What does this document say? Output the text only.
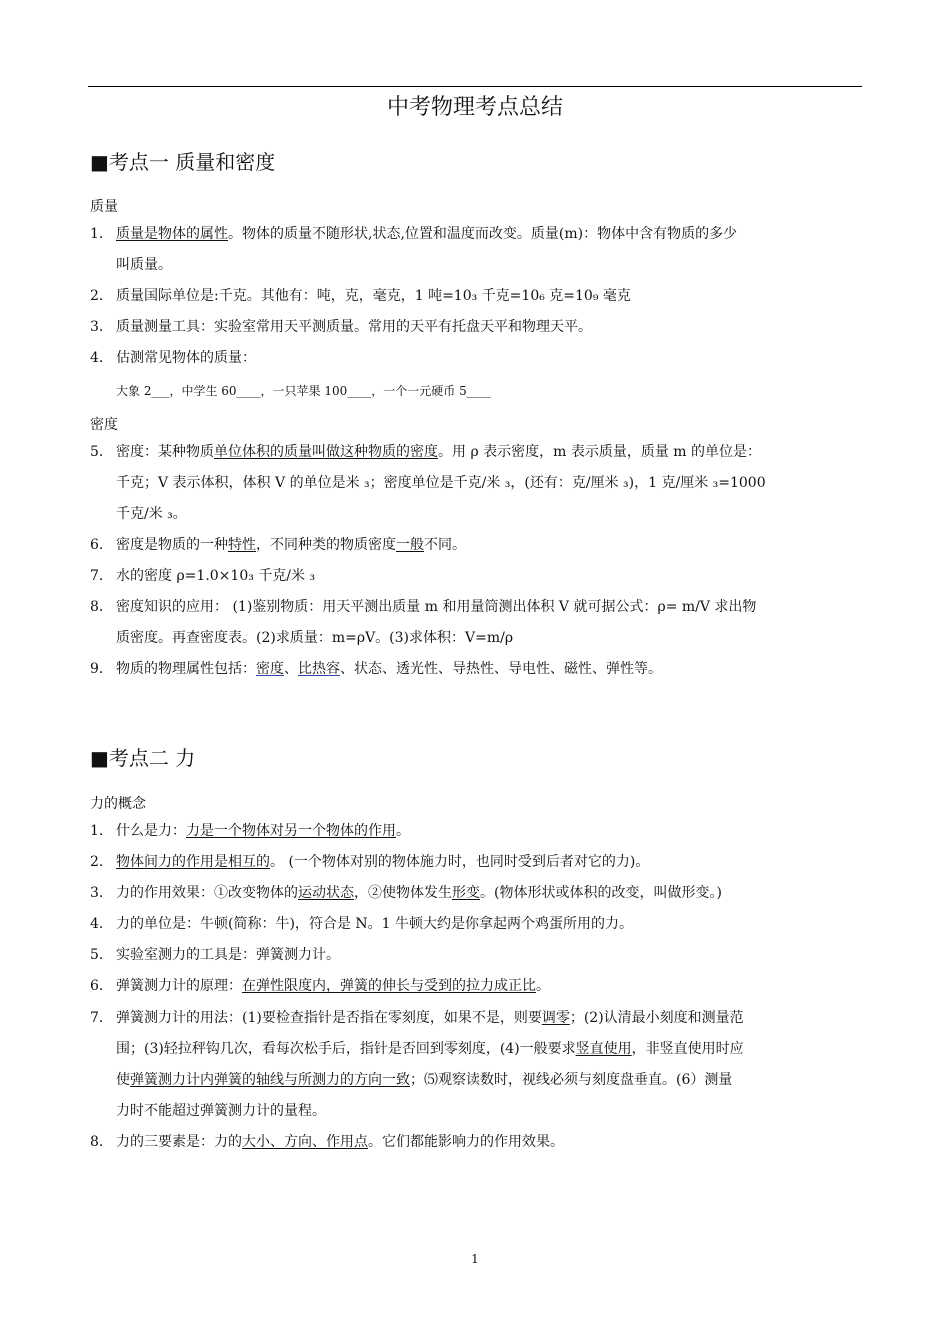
中考物理考点总结
■考点一 质量和密度
质量
1． 质量是物体的属性。物体的质量不随形状,状态,位置和温度而改变。质量(m)：物体中含有物质的多少
叫质量。
2． 质量国际单位是:千克。其他有：吨，克，毫克，1 吨=10₃ 千克=10₆ 克=10₉ 毫克
3． 质量测量工具：实验室常用天平测质量。常用的天平有托盘天平和物理天平。
4． 估测常见物体的质量：
大象 2___，中学生 60____，一只苹果 100____，一个一元硬币 5____
密度
5． 密度：某种物质单位体积的质量叫做这种物质的密度。用 ρ 表示密度，m 表示质量，质量 m 的单位是：
千克；V 表示体积，体积 V 的单位是米 ₃；密度单位是千克/米 ₃，(还有：克/厘米 ₃)，1 克/厘米 ₃=1000
千克/米 ₃。
6． 密度是物质的一种特性，不同种类的物质密度一般不同。
7． 水的密度 ρ=1.0×10₃ 千克/米 ₃
8． 密度知识的应用： (1)鉴别物质：用天平测出质量 m 和用量筒测出体积 V 就可据公式：ρ= m/V 求出物
质密度。再查密度表。(2)求质量：m=ρV。(3)求体积：V=m/ρ
9． 物质的物理属性包括：密度、比热容、状态、透光性、导热性、导电性、磁性、弹性等。
■考点二 力
力的概念
1． 什么是力：力是一个物体对另一个物体的作用。
2． 物体间力的作用是相互的。 (一个物体对别的物体施力时，也同时受到后者对它的力)。
3． 力的作用效果：①改变物体的运动状态，②使物体发生形变。(物体形状或体积的改变，叫做形变。)
4． 力的单位是：牛顿(简称：牛)，符合是 N。1 牛顿大约是你拿起两个鸡蛋所用的力。
5． 实验室测力的工具是：弹簧测力计。
6． 弹簧测力计的原理：在弹性限度内，弹簧的伸长与受到的拉力成正比。
7． 弹簧测力计的用法：(1)要检查指针是否指在零刻度，如果不是，则要调零；(2)认清最小刻度和测量范
围；(3)轻拉秤钩几次，看每次松手后，指针是否回到零刻度，(4)一般要求竖直使用，非竖直使用时应
使弹簧测力计内弹簧的轴线与所测力的方向一致；⑸观察读数时，视线必须与刻度盘垂直。(6）测量
力时不能超过弹簧测力计的量程。
8． 力的三要素是：力的大小、方向、作用点。它们都能影响力的作用效果。
1
